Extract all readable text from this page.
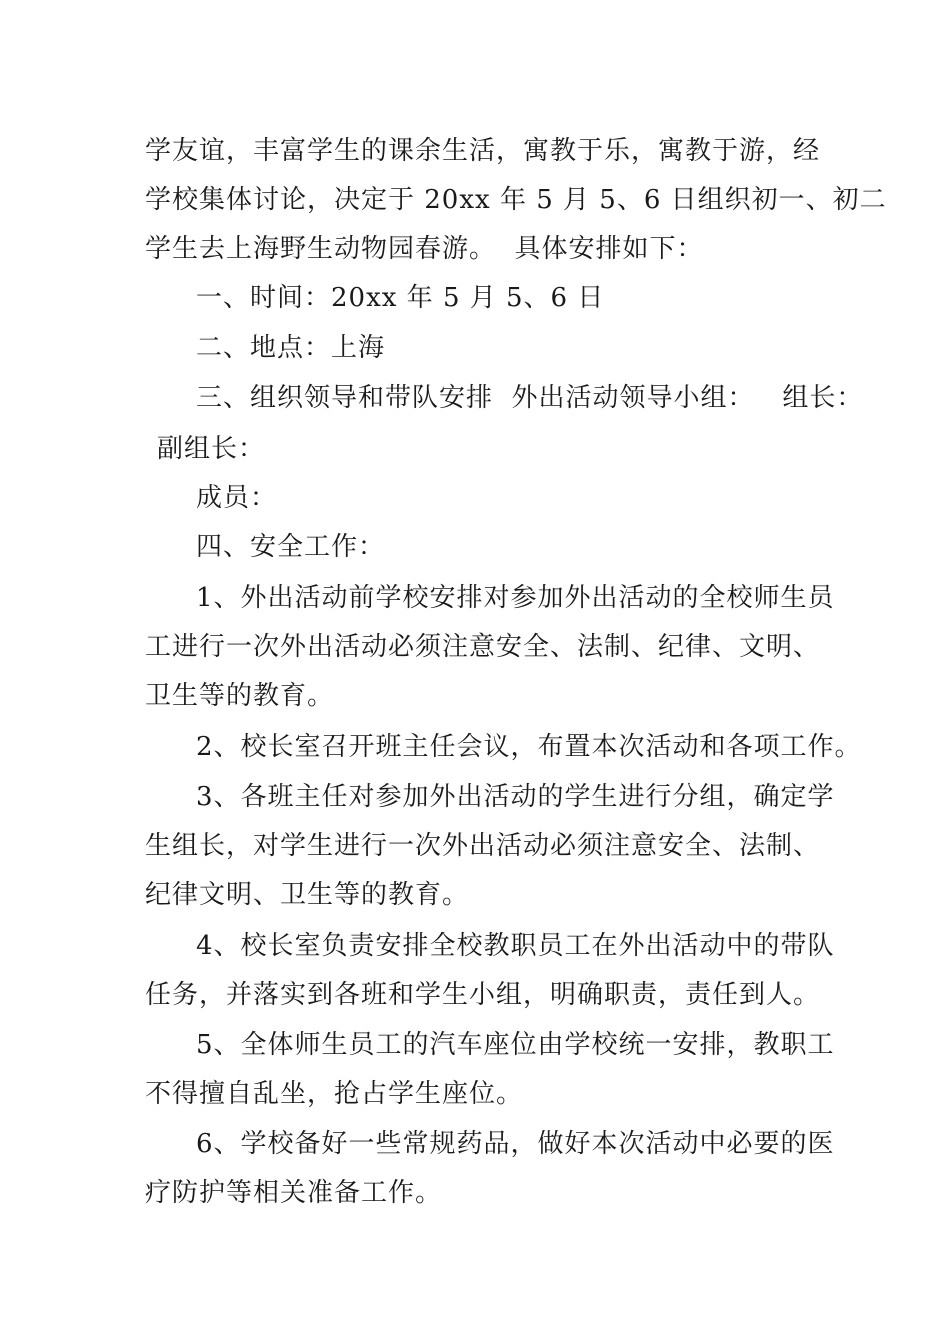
学友谊，丰富学生的课余生活，寓教于乐，寓教于游，经
学校集体讨论，决定于 20xx 年 5 月 5、6 日组织初一、初二
学生去上海野生动物园春游。  具体安排如下：
一、时间：20xx 年 5 月 5、6 日
二、地点：上海
三、组织领导和带队安排  外出活动领导小组：   组长：
副组长：
成员：
四、安全工作：
1、外出活动前学校安排对参加外出活动的全校师生员
工进行一次外出活动必须注意安全、法制、纪律、文明、
卫生等的教育。
2、校长室召开班主任会议，布置本次活动和各项工作。
3、各班主任对参加外出活动的学生进行分组，确定学
生组长，对学生进行一次外出活动必须注意安全、法制、
纪律文明、卫生等的教育。
4、校长室负责安排全校教职员工在外出活动中的带队
任务，并落实到各班和学生小组，明确职责，责任到人。
5、全体师生员工的汽车座位由学校统一安排，教职工
不得擅自乱坐，抢占学生座位。
6、学校备好一些常规药品，做好本次活动中必要的医
疗防护等相关准备工作。
